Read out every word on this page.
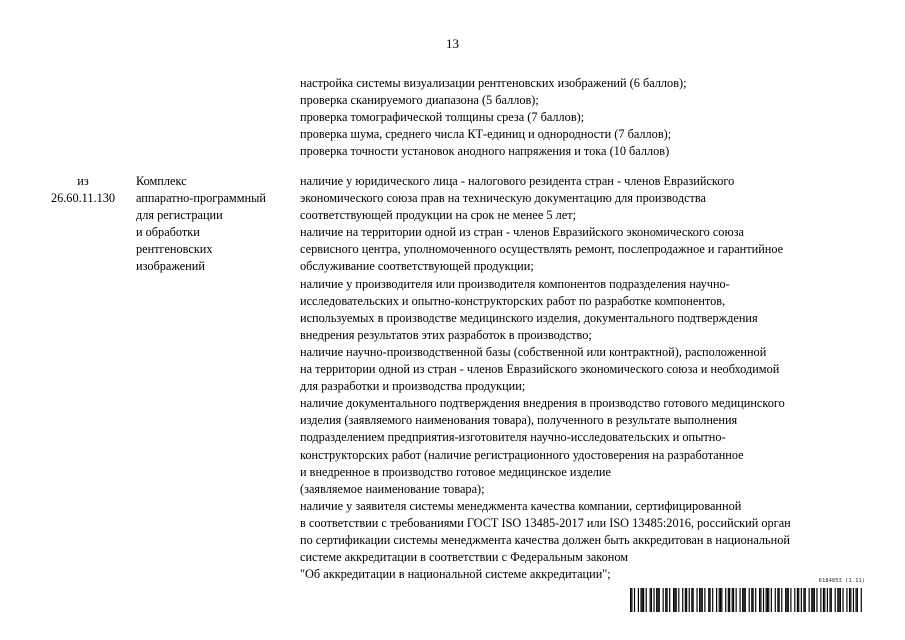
13
настройка системы визуализации рентгеновских изображений (6 баллов);
проверка сканируемого диапазона (5 баллов);
проверка томографической толщины среза (7 баллов);
проверка шума, среднего числа КТ-единиц и однородности (7 баллов);
проверка точности установок анодного напряжения и тока (10 баллов)
из
26.60.11.130
Комплекс
аппаратно-программный
для регистрации
и обработки
рентгеновских
изображений
наличие у юридического лица - налогового резидента стран - членов Евразийского
экономического союза прав на техническую документацию для производства
соответствующей продукции на срок не менее 5 лет;
наличие на территории одной из стран - членов Евразийского экономического союза
сервисного центра, уполномоченного осуществлять ремонт, послепродажное и гарантийное
обслуживание соответствующей продукции;
наличие у производителя или производителя компонентов подразделения научно-
исследовательских и опытно-конструкторских работ по разработке компонентов,
используемых в производстве медицинского изделия, документального подтверждения
внедрения результатов этих разработок в производство;
наличие научно-производственной базы (собственной или контрактной), расположенной
на территории одной из стран - членов Евразийского экономического союза и необходимой
для разработки и производства продукции;
наличие документального подтверждения внедрения в производство готового медицинского
изделия (заявляемого наименования товара), полученного в результате выполнения
подразделением предприятия-изготовителя научно-исследовательских и опытно-
конструкторских работ (наличие регистрационного удостоверения на разработанное
и внедренное в производство готовое медицинское изделие
(заявляемое наименование товара);
наличие у заявителя системы менеджмента качества компании, сертифицированной
в соответствии с требованиями ГОСТ ISO 13485-2017 или ISO 13485:2016, российский орган
по сертификации системы менеджмента качества должен быть аккредитован в национальной
системе аккредитации в соответствии с Федеральным законом
"Об аккредитации в национальной системе аккредитации";	6184853 (1.11)
